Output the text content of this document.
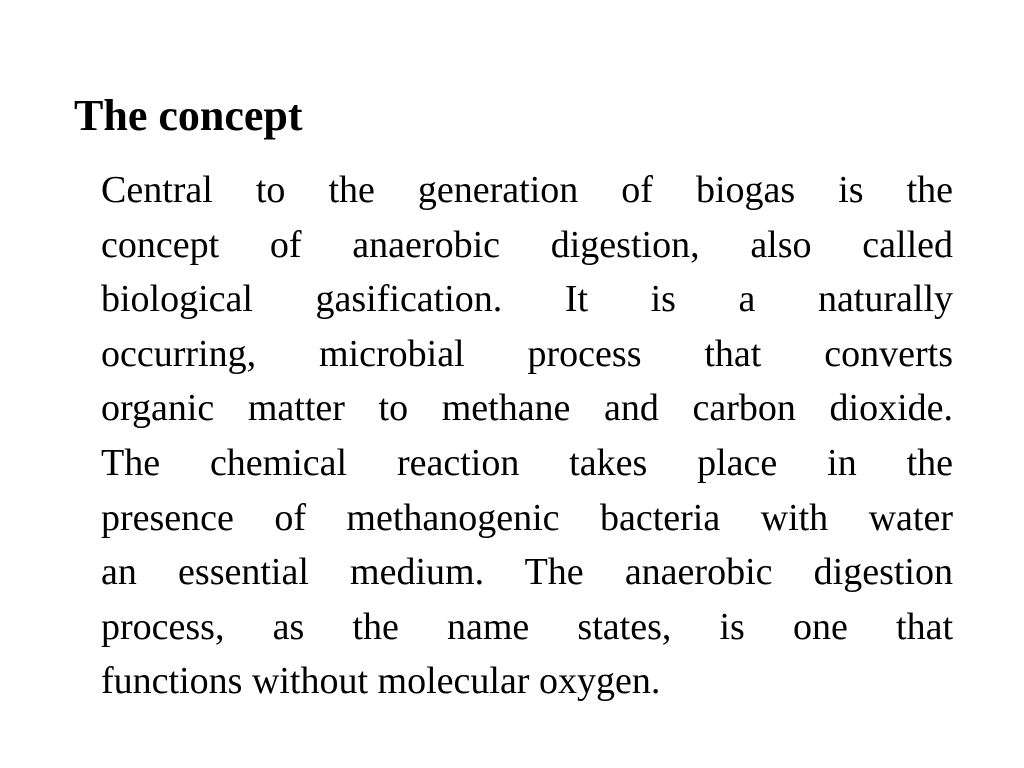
The concept
Central to the generation of biogas is the
concept of anaerobic digestion, also called
biological gasification. It is a naturally
occurring, microbial process that converts
organic matter to methane and carbon dioxide.
The chemical reaction takes place in the
presence of methanogenic bacteria with water
an essential medium. The anaerobic digestion
process, as the name states, is one that
functions without molecular oxygen.
